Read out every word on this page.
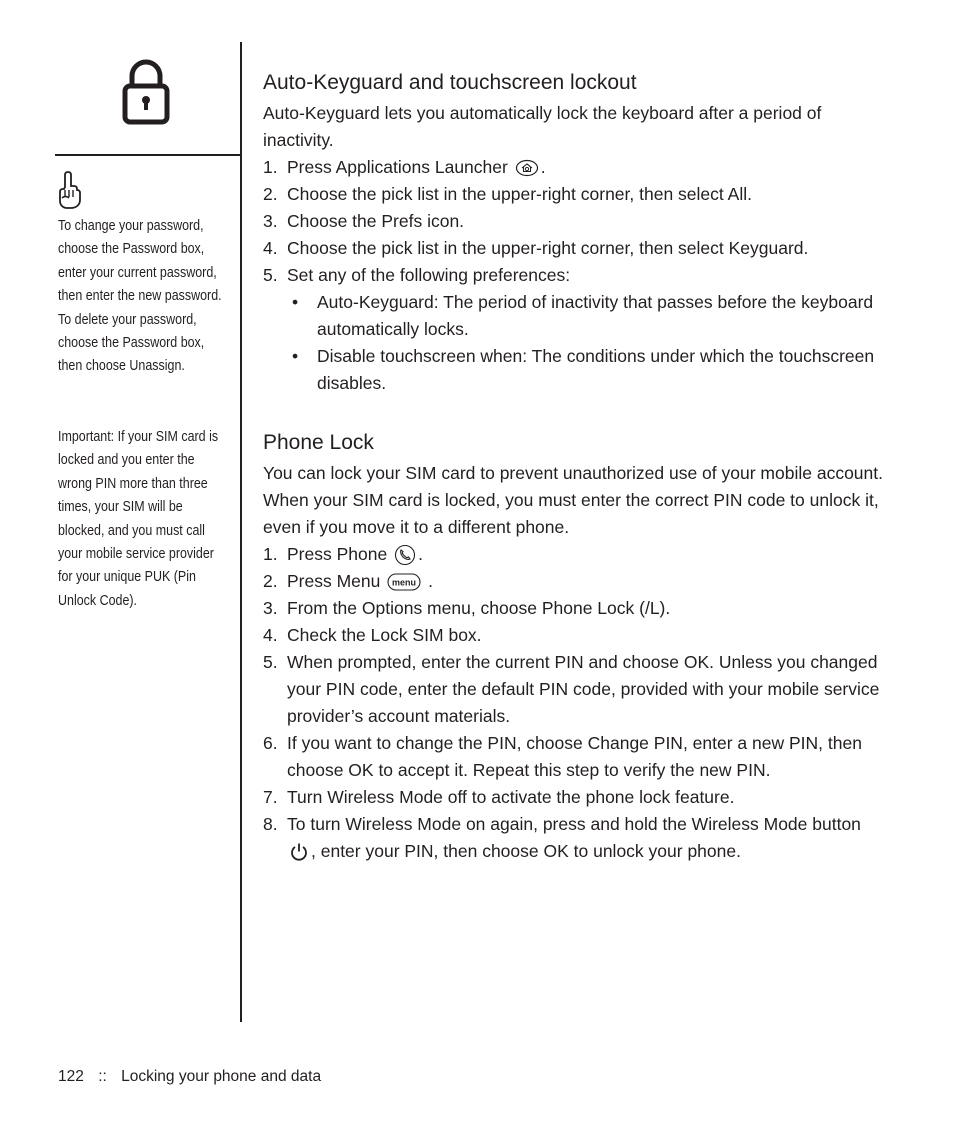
To change your password, choose the Password box, enter your current password, then enter the new password. To delete your password, choose the Password box, then choose Unassign.
Important: If your SIM card is locked and you enter the wrong PIN more than three times, your SIM will be blocked, and you must call your mobile service provider for your unique PUK (Pin Unlock Code).
Auto-Keyguard and touchscreen lockout

Auto-Keyguard lets you automatically lock the keyboard after a period of inactivity.

1. Press Applications Launcher .
2. Choose the pick list in the upper-right corner, then select All.
3. Choose the Prefs icon.
4. Choose the pick list in the upper-right corner, then select Keyguard.
5. Set any of the following preferences:
• Auto-Keyguard: The period of inactivity that passes before the keyboard automatically locks.
• Disable touchscreen when: The conditions under which the touchscreen disables.
Phone Lock

You can lock your SIM card to prevent unauthorized use of your mobile account. When your SIM card is locked, you must enter the correct PIN code to unlock it, even if you move it to a different phone.

1. Press Phone .
2. Press Menu menu .
3. From the Options menu, choose Phone Lock (/L).
4. Check the Lock SIM box.
5. When prompted, enter the current PIN and choose OK. Unless you changed your PIN code, enter the default PIN code, provided with your mobile service provider’s account materials.
6. If you want to change the PIN, choose Change PIN, enter a new PIN, then choose OK to accept it. Repeat this step to verify the new PIN.
7. Turn Wireless Mode off to activate the phone lock feature.
8. To turn Wireless Mode on again, press and hold the Wireless Mode button , enter your PIN, then choose OK to unlock your phone.
122 :: Locking your phone and data
